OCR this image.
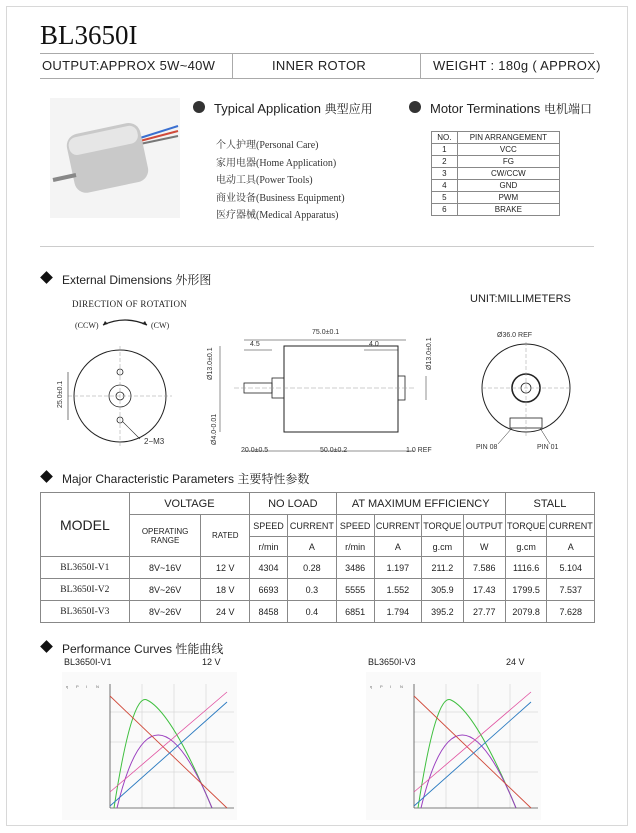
BL3650I
OUTPUT:APPROX 5W~40W	INNER ROTOR	WEIGHT : 180g ( APPROX)
Typical Application 典型应用
个人护理(Personal Care)
家用电器(Home Application)
电动工具(Power Tools)
商业设备(Business Equipment)
医疗器械(Medical Apparatus)
Motor Terminations 电机端口
NO.	PIN ARRANGEMENT
1	VCC
2	FG
3	CW/CCW
4	GND
5	PWM
6	BRAKE
External Dimensions 外形图
UNIT:MILLIMETERS
DIRECTION OF ROTATION
(CCW)	(CW)
25.0±0.1
2−M3
75.0±0.1
4.5	4.0
Ø13.0±0.1	Ø13.0±0.1
Ø4.0-0.01
20.0±0.5	50.0±0.2	1.0 REF
Ø36.0 REF
PIN 08	PIN 01
Major Characteristic Parameters 主要特性参数
MODEL	VOLTAGE		NO LOAD		AT MAXIMUM EFFICIENCY				STALL	
	OPERATING RANGE	RATED	SPEED	CURRENT	SPEED	CURRENT	TORQUE	OUTPUT	TORQUE	CURRENT
			r/min	A	r/min	A	g.cm	W	g.cm	A
BL3650I-V1	8V~16V	12 V	4304	0.28	3486	1.197	211.2	7.586	1116.6	5.104
BL3650I-V2	8V~26V	18 V	6693	0.3	5555	1.552	305.9	17.43	1799.5	7.537
BL3650I-V3	8V~26V	24 V	8458	0.4	6851	1.794	395.2	27.77	2079.8	7.628
Performance Curves 性能曲线
BL3650I-V1	12 V	BL3650I-V3	24 V
η P I N	η P I N
